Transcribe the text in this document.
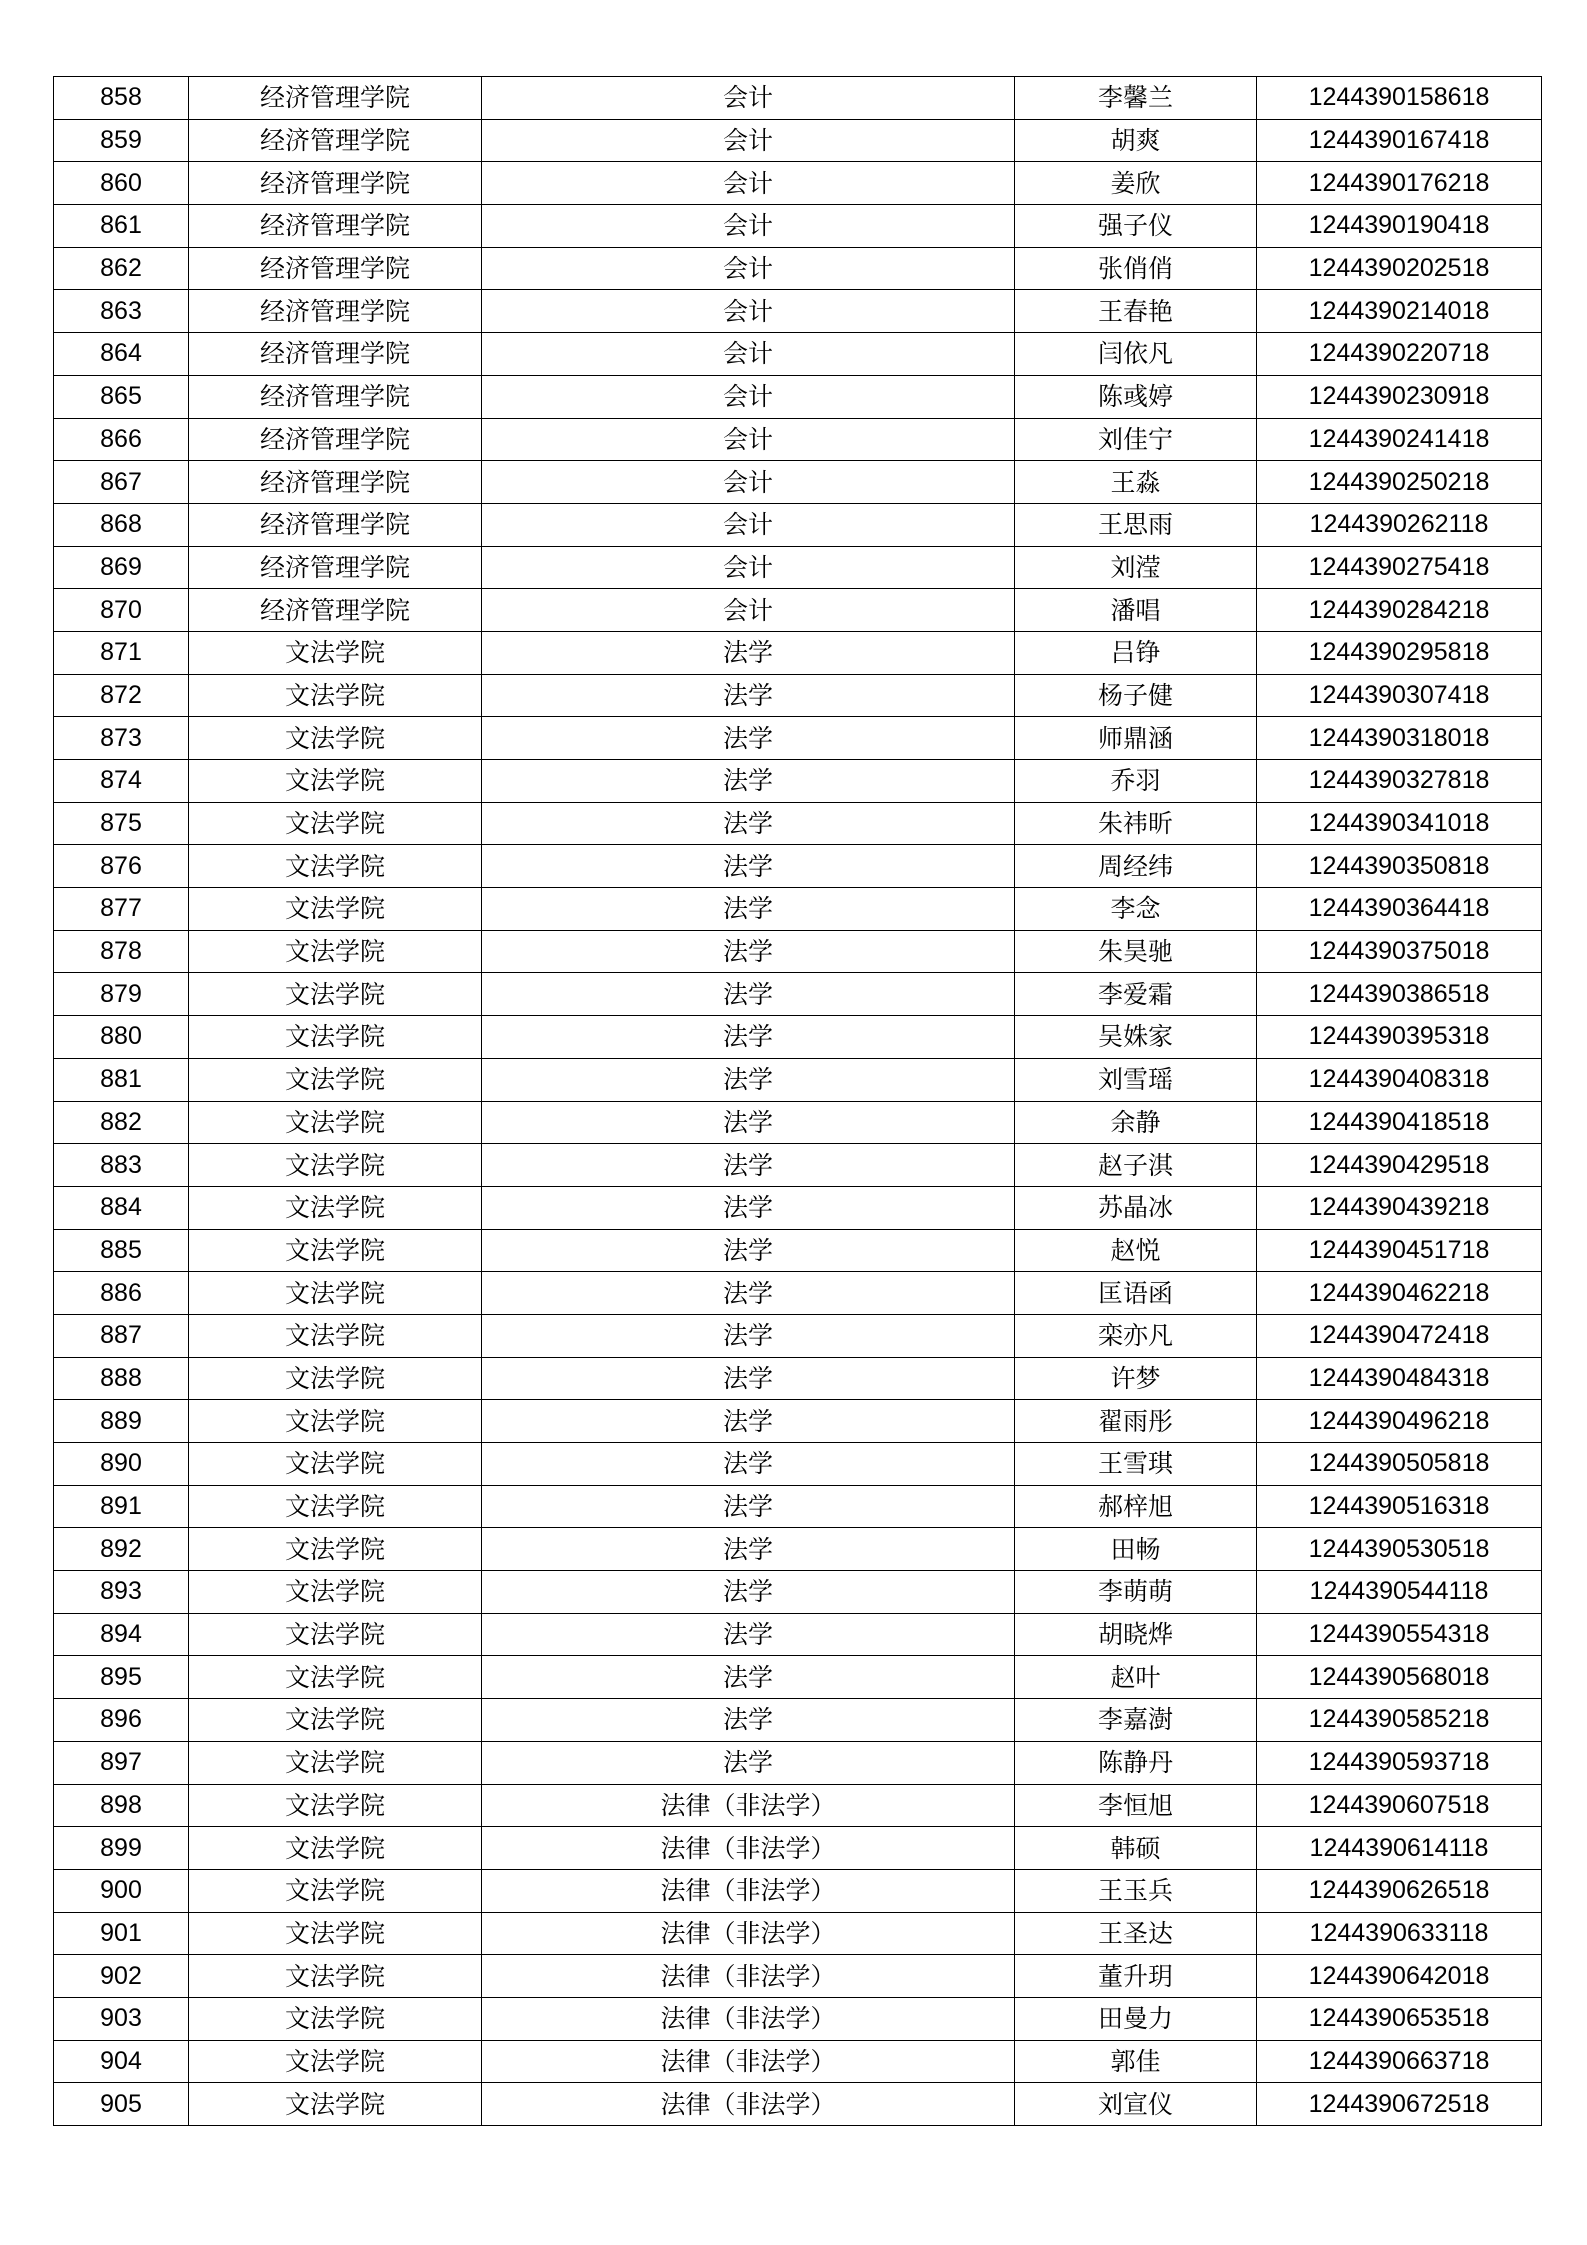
858	经济管理学院	会计	李馨兰	1244390158618
859	经济管理学院	会计	胡爽	1244390167418
860	经济管理学院	会计	姜欣	1244390176218
861	经济管理学院	会计	强子仪	1244390190418
862	经济管理学院	会计	张俏俏	1244390202518
863	经济管理学院	会计	王春艳	1244390214018
864	经济管理学院	会计	闫依凡	1244390220718
865	经济管理学院	会计	陈彧婷	1244390230918
866	经济管理学院	会计	刘佳宁	1244390241418
867	经济管理学院	会计	王淼	1244390250218
868	经济管理学院	会计	王思雨	1244390262118
869	经济管理学院	会计	刘滢	1244390275418
870	经济管理学院	会计	潘唱	1244390284218
871	文法学院	法学	吕铮	1244390295818
872	文法学院	法学	杨子健	1244390307418
873	文法学院	法学	师鼎涵	1244390318018
874	文法学院	法学	乔羽	1244390327818
875	文法学院	法学	朱祎昕	1244390341018
876	文法学院	法学	周经纬	1244390350818
877	文法学院	法学	李念	1244390364418
878	文法学院	法学	朱昊驰	1244390375018
879	文法学院	法学	李爱霜	1244390386518
880	文法学院	法学	吴姝家	1244390395318
881	文法学院	法学	刘雪瑶	1244390408318
882	文法学院	法学	余静	1244390418518
883	文法学院	法学	赵子淇	1244390429518
884	文法学院	法学	苏晶冰	1244390439218
885	文法学院	法学	赵悦	1244390451718
886	文法学院	法学	匡语函	1244390462218
887	文法学院	法学	栾亦凡	1244390472418
888	文法学院	法学	许梦	1244390484318
889	文法学院	法学	翟雨彤	1244390496218
890	文法学院	法学	王雪琪	1244390505818
891	文法学院	法学	郝梓旭	1244390516318
892	文法学院	法学	田畅	1244390530518
893	文法学院	法学	李萌萌	1244390544118
894	文法学院	法学	胡晓烨	1244390554318
895	文法学院	法学	赵叶	1244390568018
896	文法学院	法学	李嘉澍	1244390585218
897	文法学院	法学	陈静丹	1244390593718
898	文法学院	法律（非法学）	李恒旭	1244390607518
899	文法学院	法律（非法学）	韩硕	1244390614118
900	文法学院	法律（非法学）	王玉兵	1244390626518
901	文法学院	法律（非法学）	王圣达	1244390633118
902	文法学院	法律（非法学）	董升玥	1244390642018
903	文法学院	法律（非法学）	田曼力	1244390653518
904	文法学院	法律（非法学）	郭佳	1244390663718
905	文法学院	法律（非法学）	刘宣仪	1244390672518
